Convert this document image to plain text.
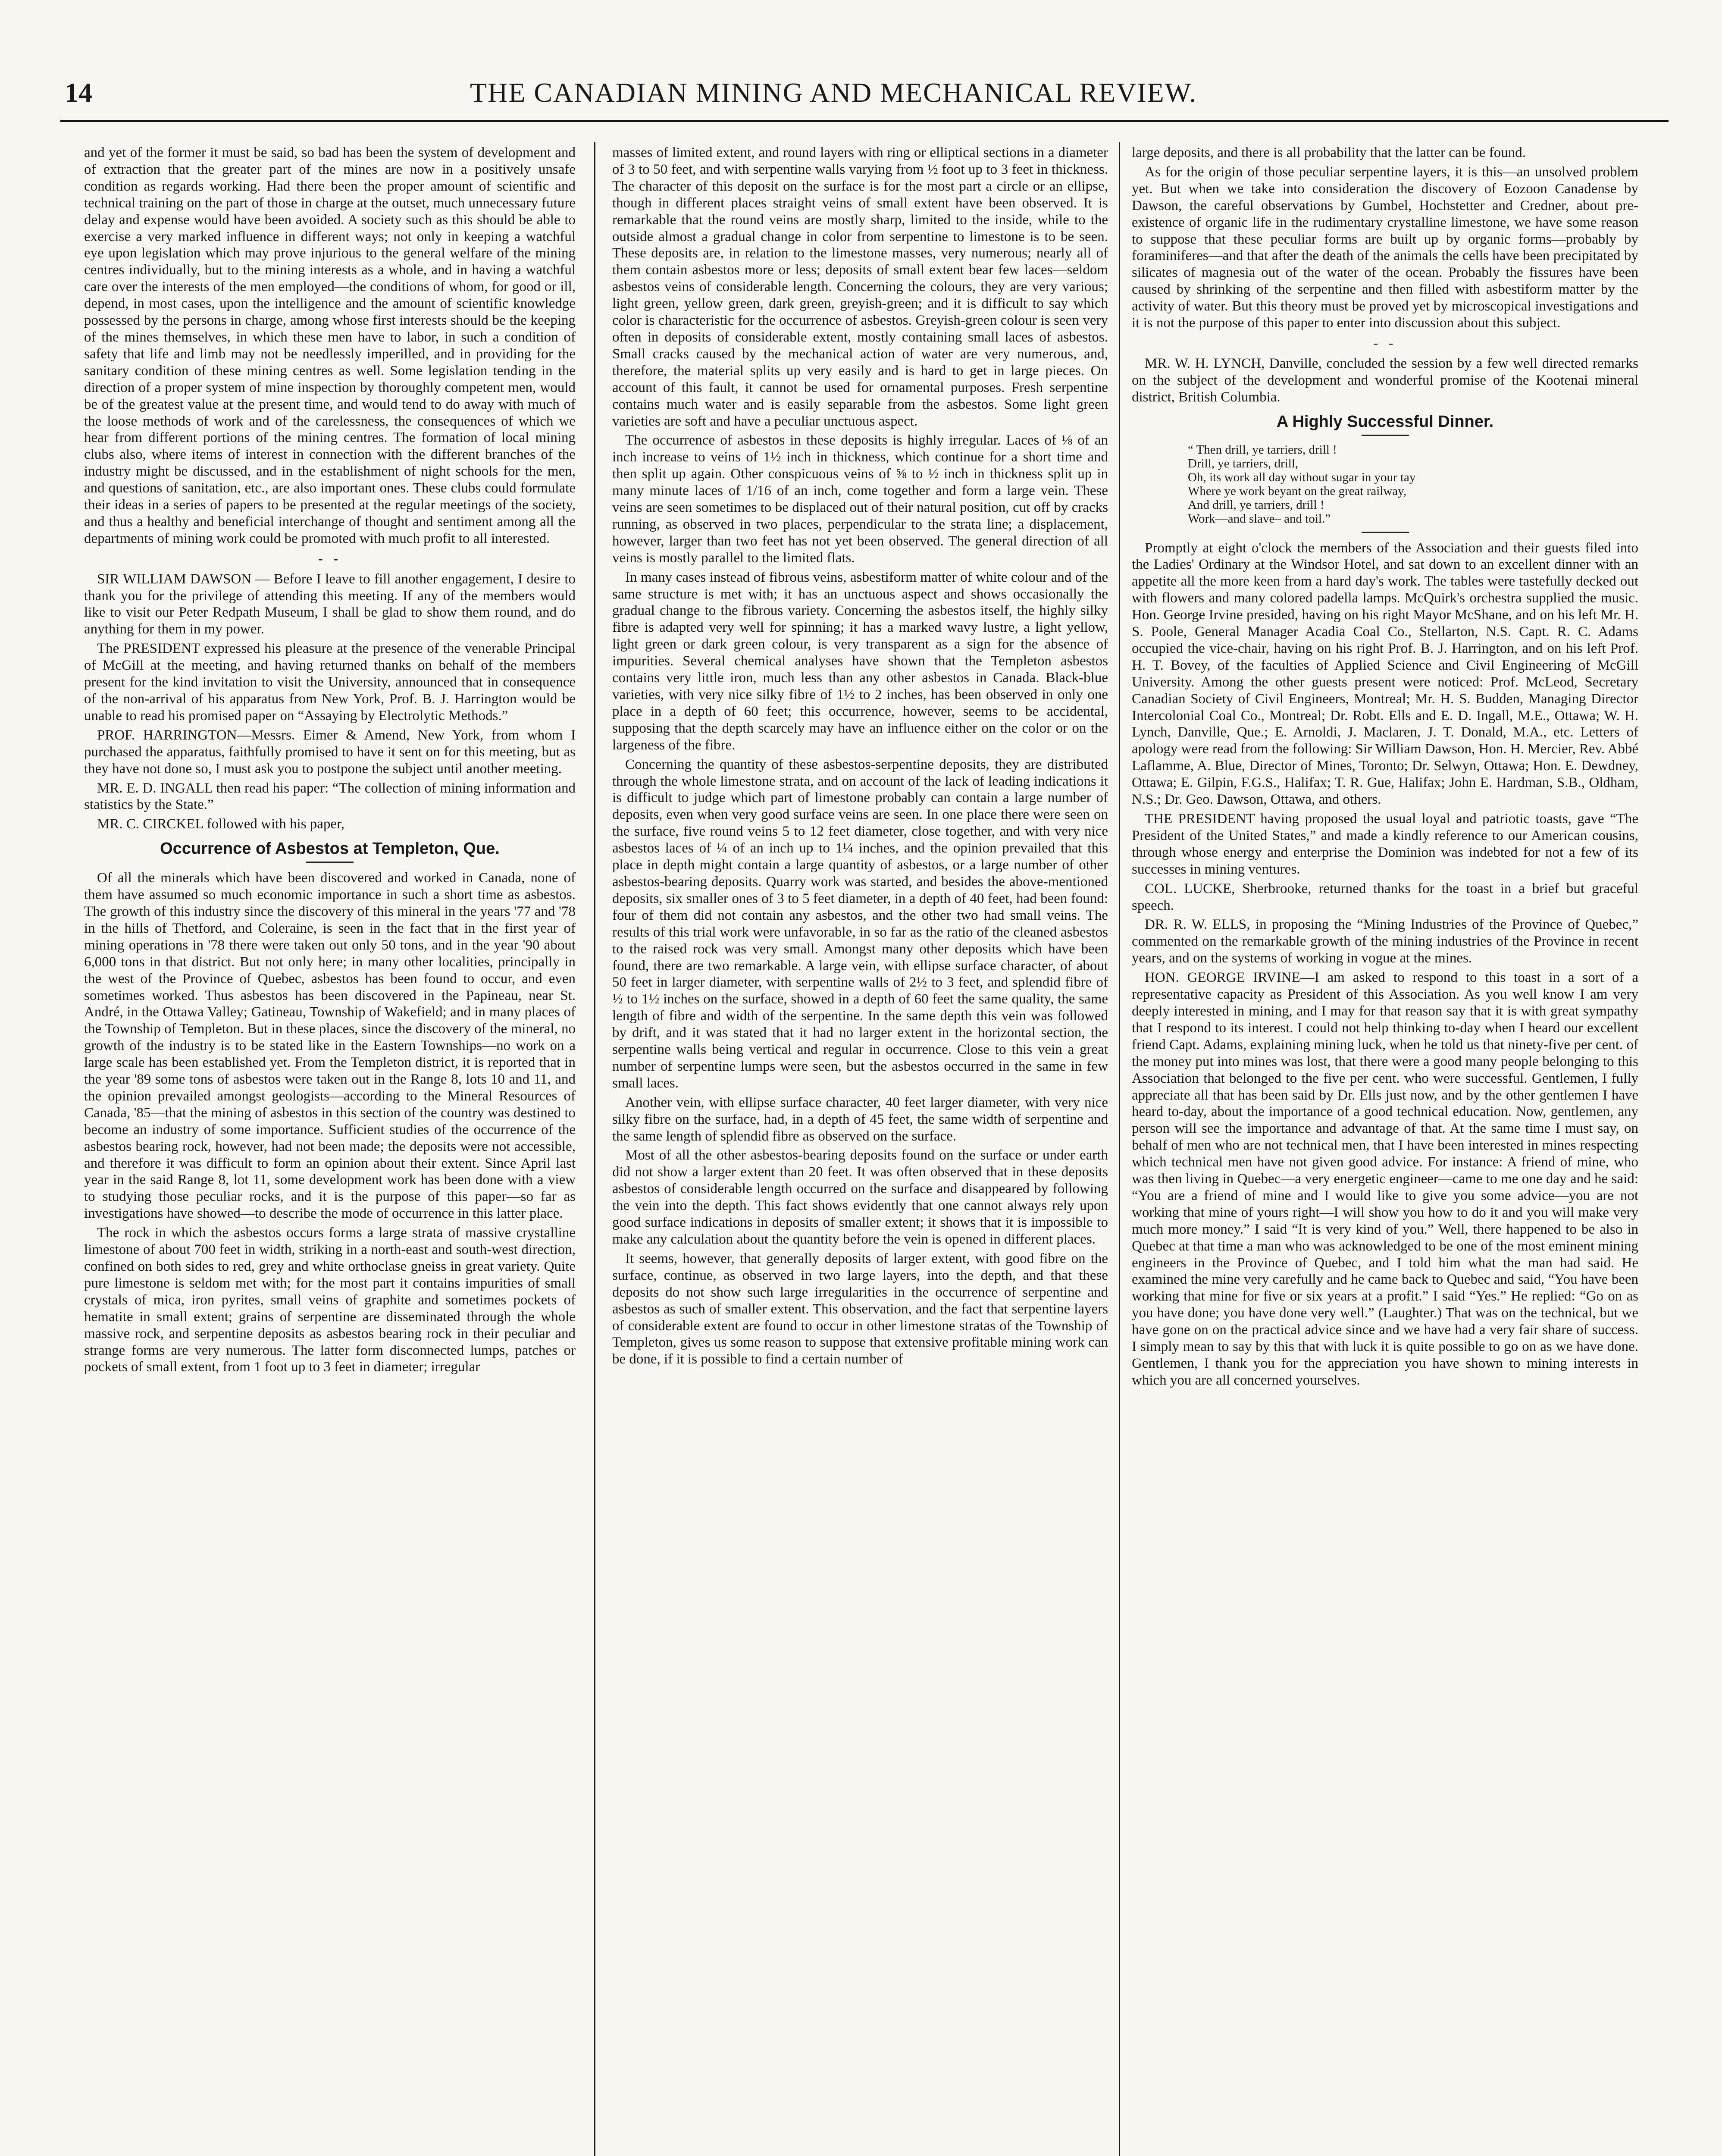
14	THE CANADIAN MINING AND MECHANICAL REVIEW.

and yet of the former it must be said, so bad has been the system of development and of extraction that the greater part of the mines are now in a positively unsafe condition as regards working. Had there been the proper amount of scientific and technical training on the part of those in charge at the outset, much unnecessary future delay and expense would have been avoided. A society such as this should be able to exercise a very marked influence in different ways; not only in keeping a watchful eye upon legislation which may prove injurious to the general welfare of the mining centres individually, but to the mining interests as a whole, and in having a watchful care over the interests of the men employed—the conditions of whom, for good or ill, depend, in most cases, upon the intelligence and the amount of scientific knowledge possessed by the persons in charge, among whose first interests should be the keeping of the mines themselves, in which these men have to labor, in such a condition of safety that life and limb may not be needlessly imperilled, and in providing for the sanitary condition of these mining centres as well. Some legislation tending in the direction of a proper system of mine inspection by thoroughly competent men, would be of the greatest value at the present time, and would tend to do away with much of the loose methods of work and of the carelessness, the consequences of which we hear from different portions of the mining centres. The formation of local mining clubs also, where items of interest in connection with the different branches of the industry might be discussed, and in the establishment of night schools for the men, and questions of sanitation, etc., are also important ones. These clubs could formulate their ideas in a series of papers to be presented at the regular meetings of the society, and thus a healthy and beneficial interchange of thought and sentiment among all the departments of mining work could be promoted with much profit to all interested.

- -

SIR WILLIAM DAWSON — Before I leave to fill another engagement, I desire to thank you for the privilege of attending this meeting. If any of the members would like to visit our Peter Redpath Museum, I shall be glad to show them round, and do anything for them in my power.

The PRESIDENT expressed his pleasure at the presence of the venerable Principal of McGill at the meeting, and having returned thanks on behalf of the members present for the kind invitation to visit the University, announced that in consequence of the non-arrival of his apparatus from New York, Prof. B. J. Harrington would be unable to read his promised paper on “Assaying by Electrolytic Methods.”

PROF. HARRINGTON—Messrs. Eimer & Amend, New York, from whom I purchased the apparatus, faithfully promised to have it sent on for this meeting, but as they have not done so, I must ask you to postpone the subject until another meeting.

MR. E. D. INGALL then read his paper: “The collection of mining information and statistics by the State.”

MR. C. CIRCKEL followed with his paper,

Occurrence of Asbestos at Templeton, Que.

Of all the minerals which have been discovered and worked in Canada, none of them have assumed so much economic importance in such a short time as asbestos. The growth of this industry since the discovery of this mineral in the years '77 and '78 in the hills of Thetford, and Coleraine, is seen in the fact that in the first year of mining operations in '78 there were taken out only 50 tons, and in the year '90 about 6,000 tons in that district. But not only here; in many other localities, principally in the west of the Province of Quebec, asbestos has been found to occur, and even sometimes worked. Thus asbestos has been discovered in the Papineau, near St. André, in the Ottawa Valley; Gatineau, Township of Wakefield; and in many places of the Township of Templeton. But in these places, since the discovery of the mineral, no growth of the industry is to be stated like in the Eastern Townships—no work on a large scale has been established yet. From the Templeton district, it is reported that in the year '89 some tons of asbestos were taken out in the Range 8, lots 10 and 11, and the opinion prevailed amongst geologists—according to the Mineral Resources of Canada, '85—that the mining of asbestos in this section of the country was destined to become an industry of some importance. Sufficient studies of the occurrence of the asbestos bearing rock, however, had not been made; the deposits were not accessible, and therefore it was difficult to form an opinion about their extent. Since April last year in the said Range 8, lot 11, some development work has been done with a view to studying those peculiar rocks, and it is the purpose of this paper—so far as investigations have showed—to describe the mode of occurrence in this latter place.

The rock in which the asbestos occurs forms a large strata of massive crystalline limestone of about 700 feet in width, striking in a north-east and south-west direction, confined on both sides to red, grey and white orthoclase gneiss in great variety. Quite pure limestone is seldom met with; for the most part it contains impurities of small crystals of mica, iron pyrites, small veins of graphite and sometimes pockets of hematite in small extent; grains of serpentine are disseminated through the whole massive rock, and serpentine deposits as asbestos bearing rock in their peculiar and strange forms are very numerous. The latter form disconnected lumps, patches or pockets of small extent, from 1 foot up to 3 feet in diameter; irregular

masses of limited extent, and round layers with ring or elliptical sections in a diameter of 3 to 50 feet, and with serpentine walls varying from ½ foot up to 3 feet in thickness. The character of this deposit on the surface is for the most part a circle or an ellipse, though in different places straight veins of small extent have been observed. It is remarkable that the round veins are mostly sharp, limited to the inside, while to the outside almost a gradual change in color from serpentine to limestone is to be seen. These deposits are, in relation to the limestone masses, very numerous; nearly all of them contain asbestos more or less; deposits of small extent bear few laces—seldom asbestos veins of considerable length. Concerning the colours, they are very various; light green, yellow green, dark green, greyish-green; and it is difficult to say which color is characteristic for the occurrence of asbestos. Greyish-green colour is seen very often in deposits of considerable extent, mostly containing small laces of asbestos. Small cracks caused by the mechanical action of water are very numerous, and, therefore, the material splits up very easily and is hard to get in large pieces. On account of this fault, it cannot be used for ornamental purposes. Fresh serpentine contains much water and is easily separable from the asbestos. Some light green varieties are soft and have a peculiar unctuous aspect.

The occurrence of asbestos in these deposits is highly irregular. Laces of ⅛ of an inch increase to veins of 1½ inch in thickness, which continue for a short time and then split up again. Other conspicuous veins of ⅝ to ½ inch in thickness split up in many minute laces of 1/16 of an inch, come together and form a large vein. These veins are seen sometimes to be displaced out of their natural position, cut off by cracks running, as observed in two places, perpendicular to the strata line; a displacement, however, larger than two feet has not yet been observed. The general direction of all veins is mostly parallel to the limited flats.

In many cases instead of fibrous veins, asbestiform matter of white colour and of the same structure is met with; it has an unctuous aspect and shows occasionally the gradual change to the fibrous variety. Concerning the asbestos itself, the highly silky fibre is adapted very well for spinning; it has a marked wavy lustre, a light yellow, light green or dark green colour, is very transparent as a sign for the absence of impurities. Several chemical analyses have shown that the Templeton asbestos contains very little iron, much less than any other asbestos in Canada. Black-blue varieties, with very nice silky fibre of 1½ to 2 inches, has been observed in only one place in a depth of 60 feet; this occurrence, however, seems to be accidental, supposing that the depth scarcely may have an influence either on the color or on the largeness of the fibre.

Concerning the quantity of these asbestos-serpentine deposits, they are distributed through the whole limestone strata, and on account of the lack of leading indications it is difficult to judge which part of limestone probably can contain a large number of deposits, even when very good surface veins are seen. In one place there were seen on the surface, five round veins 5 to 12 feet diameter, close together, and with very nice asbestos laces of ¼ of an inch up to 1¼ inches, and the opinion prevailed that this place in depth might contain a large quantity of asbestos, or a large number of other asbestos-bearing deposits. Quarry work was started, and besides the above-mentioned deposits, six smaller ones of 3 to 5 feet diameter, in a depth of 40 feet, had been found: four of them did not contain any asbestos, and the other two had small veins. The results of this trial work were unfavorable, in so far as the ratio of the cleaned asbestos to the raised rock was very small. Amongst many other deposits which have been found, there are two remarkable. A large vein, with ellipse surface character, of about 50 feet in larger diameter, with serpentine walls of 2½ to 3 feet, and splendid fibre of ½ to 1½ inches on the surface, showed in a depth of 60 feet the same quality, the same length of fibre and width of the serpentine. In the same depth this vein was followed by drift, and it was stated that it had no larger extent in the horizontal section, the serpentine walls being vertical and regular in occurrence. Close to this vein a great number of serpentine lumps were seen, but the asbestos occurred in the same in few small laces.

Another vein, with ellipse surface character, 40 feet larger diameter, with very nice silky fibre on the surface, had, in a depth of 45 feet, the same width of serpentine and the same length of splendid fibre as observed on the surface.

Most of all the other asbestos-bearing deposits found on the surface or under earth did not show a larger extent than 20 feet. It was often observed that in these deposits asbestos of considerable length occurred on the surface and disappeared by following the vein into the depth. This fact shows evidently that one cannot always rely upon good surface indications in deposits of smaller extent; it shows that it is impossible to make any calculation about the quantity before the vein is opened in different places.

It seems, however, that generally deposits of larger extent, with good fibre on the surface, continue, as observed in two large layers, into the depth, and that these deposits do not show such large irregularities in the occurrence of serpentine and asbestos as such of smaller extent. This observation, and the fact that serpentine layers of considerable extent are found to occur in other limestone stratas of the Township of Templeton, gives us some reason to suppose that extensive profitable mining work can be done, if it is possible to find a certain number of

large deposits, and there is all probability that the latter can be found.

As for the origin of those peculiar serpentine layers, it is this—an unsolved problem yet. But when we take into consideration the discovery of Eozoon Canadense by Dawson, the careful observations by Gumbel, Hochstetter and Credner, about pre-existence of organic life in the rudimentary crystalline limestone, we have some reason to suppose that these peculiar forms are built up by organic forms—probably by foraminiferes—and that after the death of the animals the cells have been precipitated by silicates of magnesia out of the water of the ocean. Probably the fissures have been caused by shrinking of the serpentine and then filled with asbestiform matter by the activity of water. But this theory must be proved yet by microscopical investigations and it is not the purpose of this paper to enter into discussion about this subject.

- -

MR. W. H. LYNCH, Danville, concluded the session by a few well directed remarks on the subject of the development and wonderful promise of the Kootenai mineral district, British Columbia.

A Highly Successful Dinner.
“ Then drill, ye tarriers, drill !
Drill, ye tarriers, drill,
Oh, its work all day without sugar in your tay
Where ye work beyant on the great railway,
And drill, ye tarriers, drill !
Work—and slave– and toil.”

Promptly at eight o'clock the members of the Association and their guests filed into the Ladies' Ordinary at the Windsor Hotel, and sat down to an excellent dinner with an appetite all the more keen from a hard day's work. The tables were tastefully decked out with flowers and many colored padella lamps. McQuirk's orchestra supplied the music. Hon. George Irvine presided, having on his right Mayor McShane, and on his left Mr. H. S. Poole, General Manager Acadia Coal Co., Stellarton, N.S. Capt. R. C. Adams occupied the vice-chair, having on his right Prof. B. J. Harrington, and on his left Prof. H. T. Bovey, of the faculties of Applied Science and Civil Engineering of McGill University. Among the other guests present were noticed: Prof. McLeod, Secretary Canadian Society of Civil Engineers, Montreal; Mr. H. S. Budden, Managing Director Intercolonial Coal Co., Montreal; Dr. Robt. Ells and E. D. Ingall, M.E., Ottawa; W. H. Lynch, Danville, Que.; E. Arnoldi, J. Maclaren, J. T. Donald, M.A., etc. Letters of apology were read from the following: Sir William Dawson, Hon. H. Mercier, Rev. Abbé Laflamme, A. Blue, Director of Mines, Toronto; Dr. Selwyn, Ottawa; Hon. E. Dewdney, Ottawa; E. Gilpin, F.G.S., Halifax; T. R. Gue, Halifax; John E. Hardman, S.B., Oldham, N.S.; Dr. Geo. Dawson, Ottawa, and others.

THE PRESIDENT having proposed the usual loyal and patriotic toasts, gave “The President of the United States,” and made a kindly reference to our American cousins, through whose energy and enterprise the Dominion was indebted for not a few of its successes in mining ventures.

COL. LUCKE, Sherbrooke, returned thanks for the toast in a brief but graceful speech.

DR. R. W. ELLS, in proposing the “Mining Industries of the Province of Quebec,” commented on the remarkable growth of the mining industries of the Province in recent years, and on the systems of working in vogue at the mines.

HON. GEORGE IRVINE—I am asked to respond to this toast in a sort of a representative capacity as President of this Association. As you well know I am very deeply interested in mining, and I may for that reason say that it is with great sympathy that I respond to its interest. I could not help thinking to-day when I heard our excellent friend Capt. Adams, explaining mining luck, when he told us that ninety-five per cent. of the money put into mines was lost, that there were a good many people belonging to this Association that belonged to the five per cent. who were successful. Gentlemen, I fully appreciate all that has been said by Dr. Ells just now, and by the other gentlemen I have heard to-day, about the importance of a good technical education. Now, gentlemen, any person will see the importance and advantage of that. At the same time I must say, on behalf of men who are not technical men, that I have been interested in mines respecting which technical men have not given good advice. For instance: A friend of mine, who was then living in Quebec—a very energetic engineer—came to me one day and he said: “You are a friend of mine and I would like to give you some advice—you are not working that mine of yours right—I will show you how to do it and you will make very much more money.” I said “It is very kind of you.” Well, there happened to be also in Quebec at that time a man who was acknowledged to be one of the most eminent mining engineers in the Province of Quebec, and I told him what the man had said. He examined the mine very carefully and he came back to Quebec and said, “You have been working that mine for five or six years at a profit.” I said “Yes.” He replied: “Go on as you have done; you have done very well.” (Laughter.) That was on the technical, but we have gone on on the practical advice since and we have had a very fair share of success. I simply mean to say by this that with luck it is quite possible to go on as we have done. Gentlemen, I thank you for the appreciation you have shown to mining interests in which you are all concerned yourselves.
